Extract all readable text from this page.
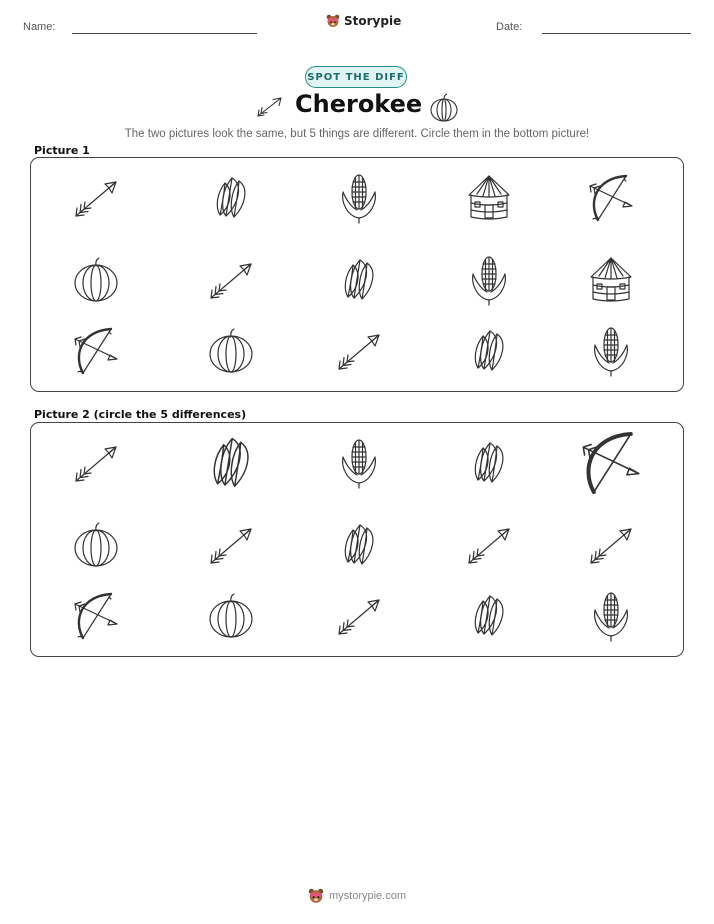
Name:	Storypie	Date:
SPOT THE DIFF
Cherokee
The two pictures look the same, but 5 things are different. Circle them in the bottom picture!
Picture 1
Picture 2 (circle the 5 differences)
mystorypie.com
